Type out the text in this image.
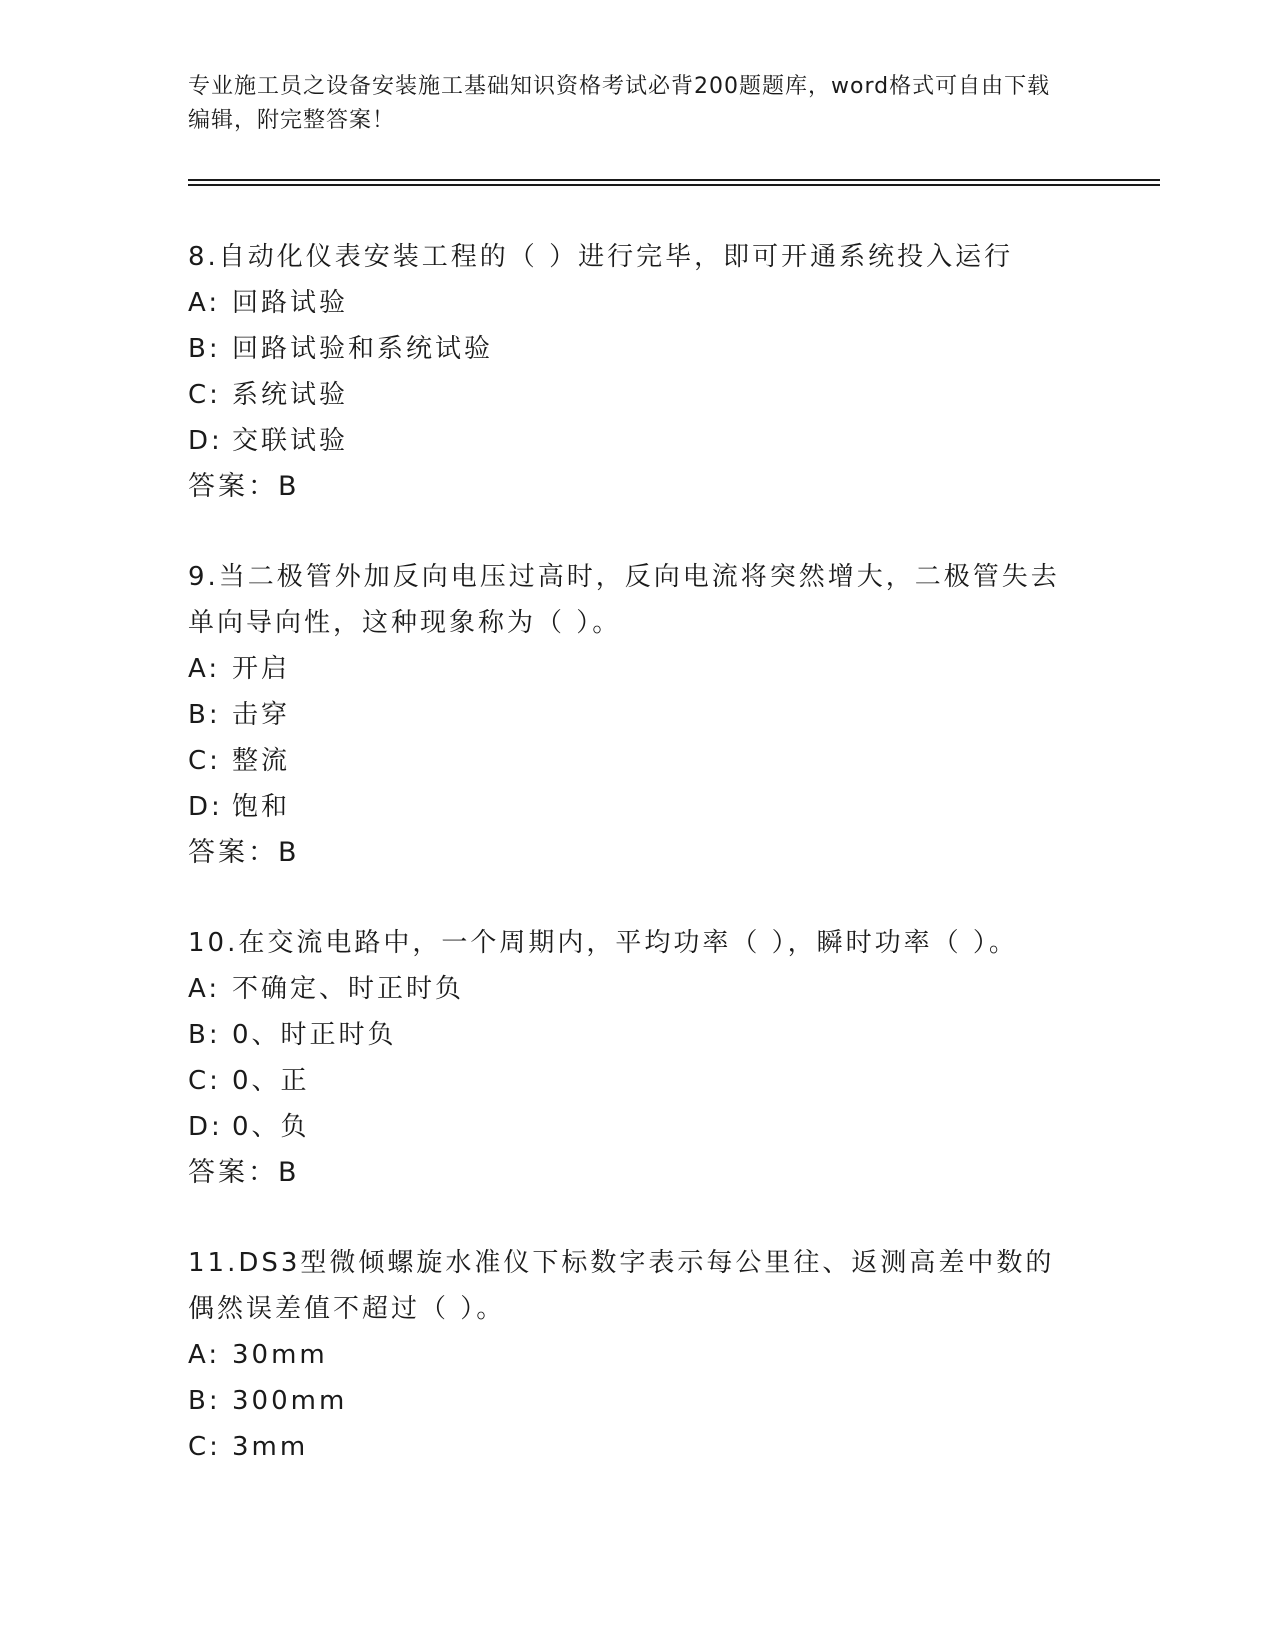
专业施工员之设备安装施工基础知识资格考试必背200题题库，word格式可自由下载编辑，附完整答案！
8.自动化仪表安装工程的（ ）进行完毕，即可开通系统投入运行
A: 回路试验
B: 回路试验和系统试验
C: 系统试验
D: 交联试验
答案：B
9.当二极管外加反向电压过高时，反向电流将突然增大，二极管失去单向导向性，这种现象称为（ ）。
A: 开启
B: 击穿
C: 整流
D: 饱和
答案：B
10.在交流电路中，一个周期内，平均功率（ ），瞬时功率（ ）。
A: 不确定、时正时负
B: 0、时正时负
C: 0、正
D: 0、负
答案：B
11.DS3型微倾螺旋水准仪下标数字表示每公里往、返测高差中数的偶然误差值不超过（ ）。
A: 30mm
B: 300mm
C: 3mm
